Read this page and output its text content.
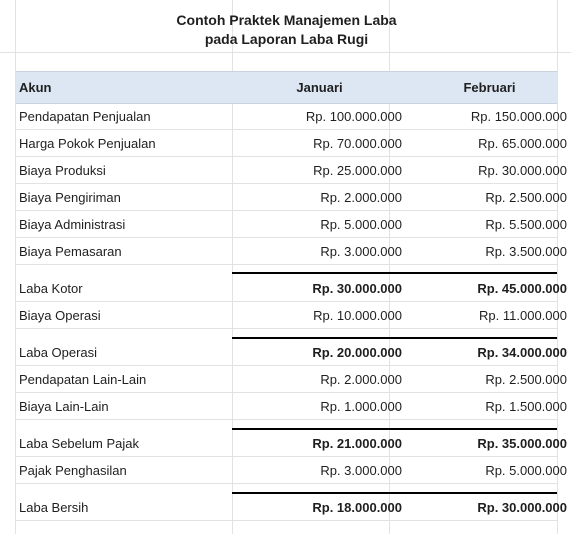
Contoh Praktek Manajemen Laba
pada Laporan Laba Rugi
Akun	Januari	Februari
Pendapatan Penjualan	Rp. 100.000.000	Rp. 150.000.000
Harga Pokok Penjualan	Rp. 70.000.000	Rp. 65.000.000
Biaya Produksi	Rp. 25.000.000	Rp. 30.000.000
Biaya Pengiriman	Rp. 2.000.000	Rp. 2.500.000
Biaya Administrasi	Rp. 5.000.000	Rp. 5.500.000
Biaya Pemasaran	Rp. 3.000.000	Rp. 3.500.000
Laba Kotor	Rp. 30.000.000	Rp. 45.000.000
Biaya Operasi	Rp. 10.000.000	Rp. 11.000.000
Laba Operasi	Rp. 20.000.000	Rp. 34.000.000
Pendapatan Lain-Lain	Rp. 2.000.000	Rp. 2.500.000
Biaya Lain-Lain	Rp. 1.000.000	Rp. 1.500.000
Laba Sebelum Pajak	Rp. 21.000.000	Rp. 35.000.000
Pajak Penghasilan	Rp. 3.000.000	Rp. 5.000.000
Laba Bersih	Rp. 18.000.000	Rp. 30.000.000
